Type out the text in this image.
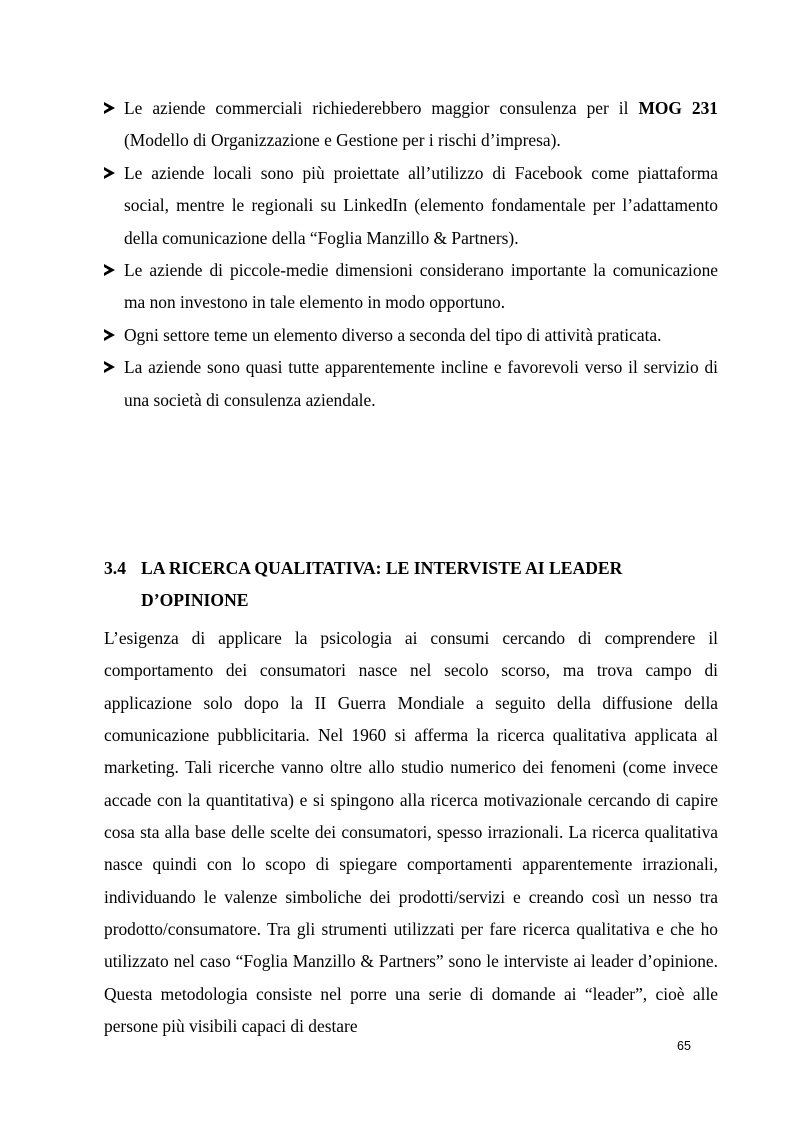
Le aziende commerciali richiederebbero maggior consulenza per il MOG 231 (Modello di Organizzazione e Gestione per i rischi d’impresa).
Le aziende locali sono più proiettate all’utilizzo di Facebook come piattaforma social, mentre le regionali su LinkedIn (elemento fondamentale per l’adattamento della comunicazione della “Foglia Manzillo & Partners).
Le aziende di piccole-medie dimensioni considerano importante la comunicazione ma non investono in tale elemento in modo opportuno.
Ogni settore teme un elemento diverso a seconda del tipo di attività praticata.
La aziende sono quasi tutte apparentemente incline e favorevoli verso il servizio di una società di consulenza aziendale.
3.4 LA RICERCA QUALITATIVA: LE INTERVISTE AI LEADER D’OPINIONE

L’esigenza di applicare la psicologia ai consumi cercando di comprendere il comportamento dei consumatori nasce nel secolo scorso, ma trova campo di applicazione solo dopo la II Guerra Mondiale a seguito della diffusione della comunicazione pubblicitaria. Nel 1960 si afferma la ricerca qualitativa applicata al marketing. Tali ricerche vanno oltre allo studio numerico dei fenomeni (come invece accade con la quantitativa) e si spingono alla ricerca motivazionale cercando di capire cosa sta alla base delle scelte dei consumatori, spesso irrazionali. La ricerca qualitativa nasce quindi con lo scopo di spiegare comportamenti apparentemente irrazionali, individuando le valenze simboliche dei prodotti/servizi e creando così un nesso tra prodotto/consumatore. Tra gli strumenti utilizzati per fare ricerca qualitativa e che ho utilizzato nel caso “Foglia Manzillo & Partners” sono le interviste ai leader d’opinione. Questa metodologia consiste nel porre una serie di domande ai “leader”, cioè alle persone più visibili capaci di destare

65
